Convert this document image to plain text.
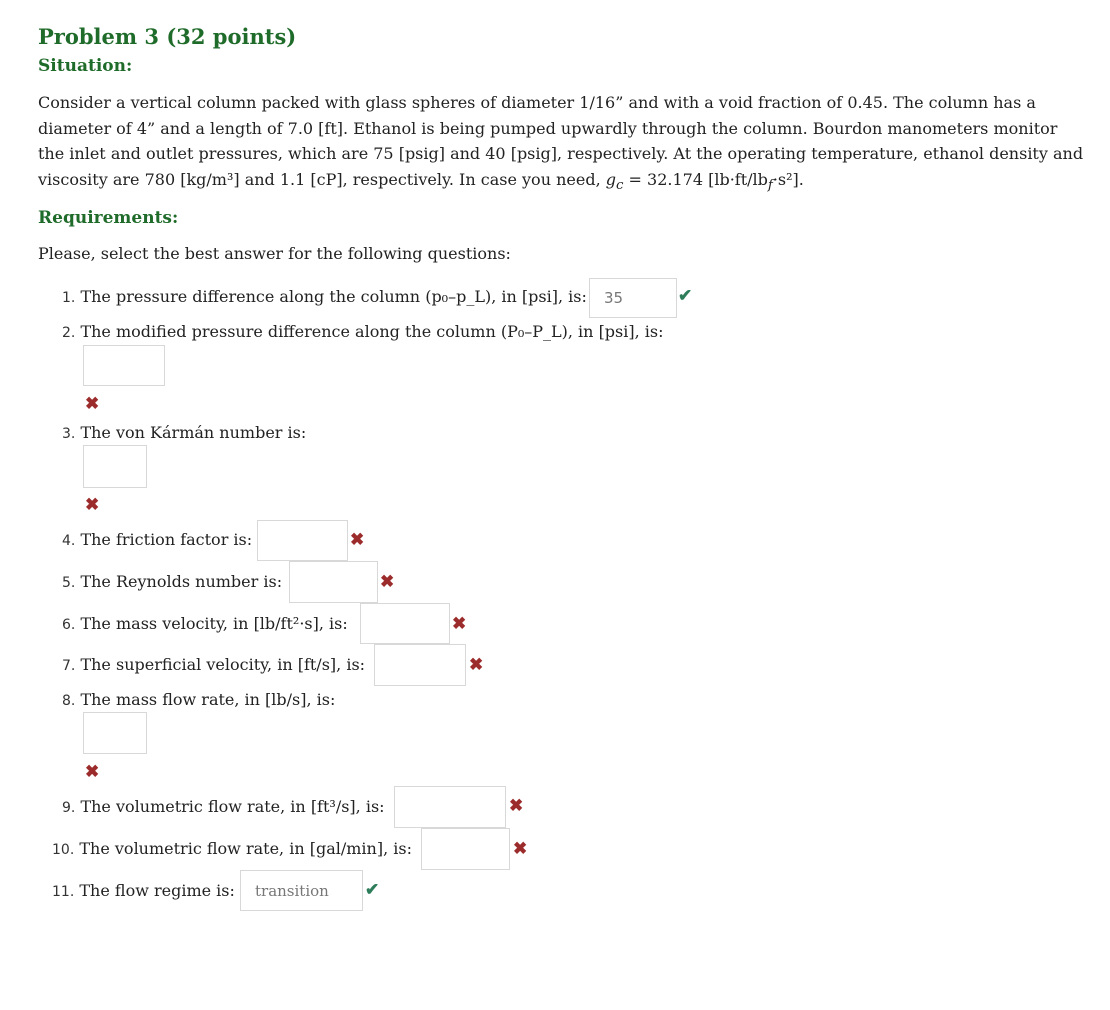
Problem 3 (32 points)
Situation:
Consider a vertical column packed with glass spheres of diameter 1/16” and with a void fraction of 0.45. The column has a diameter of 4” and a length of 7.0 [ft]. Ethanol is being pumped upwardly through the column. Bourdon manometers monitor the inlet and outlet pressures, which are 75 [psig] and 40 [psig], respectively. At the operating temperature, ethanol density and viscosity are 780 [kg/m³] and 1.1 [cP], respectively. In case you need, $g_c = 32.174$ $[lb\cdot ft/lb_f\cdot s^2]$.
Requirements:
Please, select the best answer for the following questions:
1. The pressure difference along the column (p₀–p_L), in [psi], is:	35	✔
2. The modified pressure difference along the column (P₀–P_L), in [psi], is:
✖
3. The von Kármán number is:
✖
4. The friction factor is:	✖
5. The Reynolds number is:	✖
6. The mass velocity, in [lb/ft²·s], is:	✖
7. The superficial velocity, in [ft/s], is:	✖
8. The mass flow rate, in [lb/s], is:
✖
9. The volumetric flow rate, in [ft³/s], is:	✖
10. The volumetric flow rate, in [gal/min], is:	✖
11. The flow regime is:	transition	✔
